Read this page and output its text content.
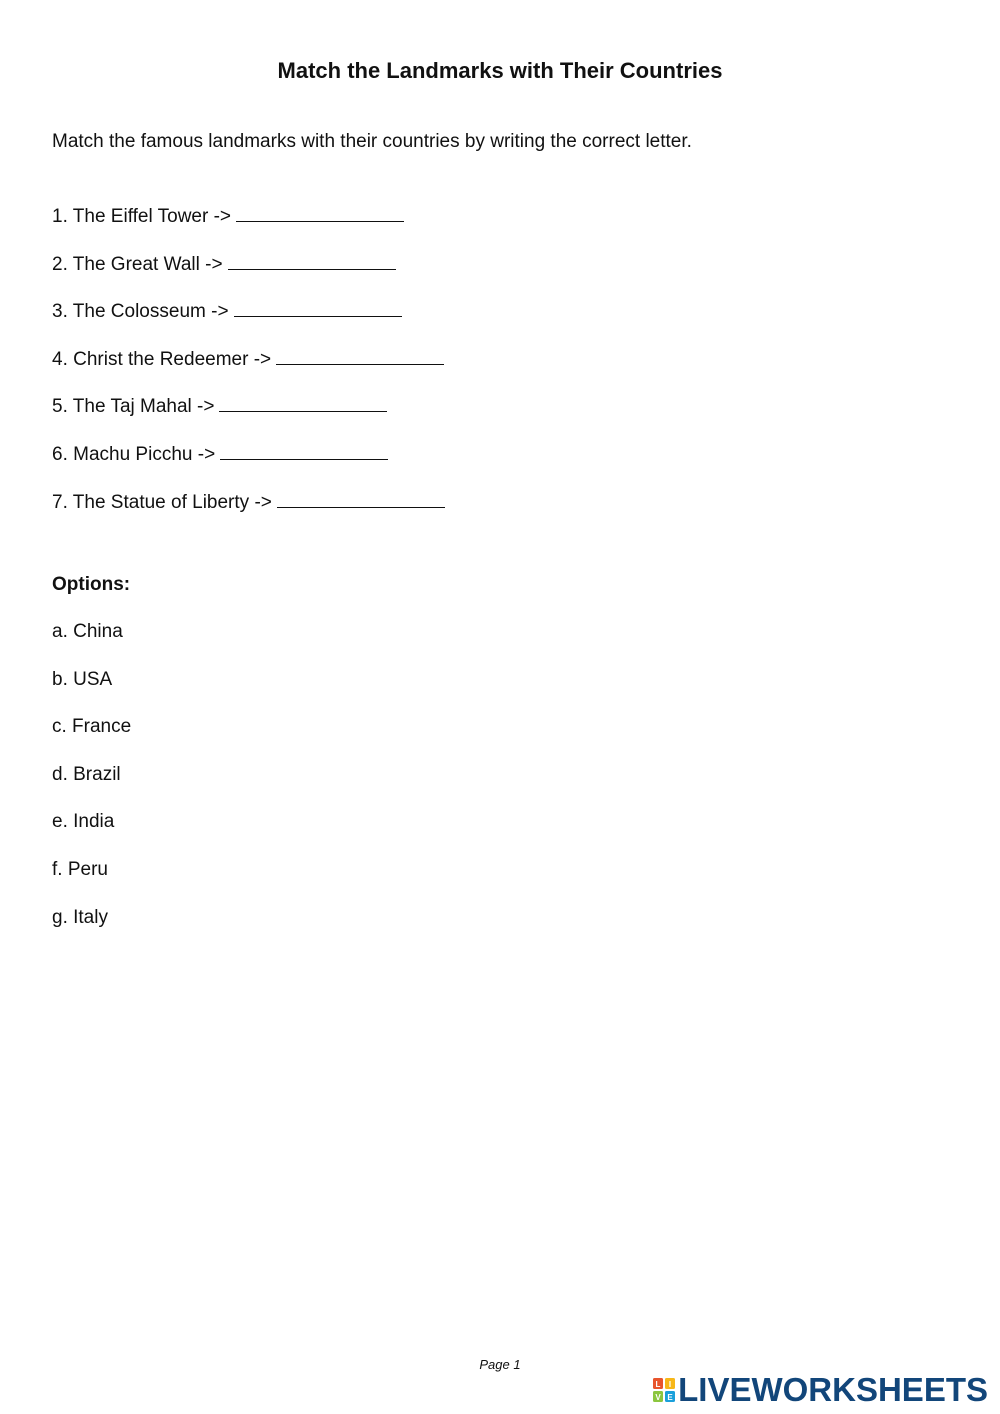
Match the Landmarks with Their Countries
Match the famous landmarks with their countries by writing the correct letter.
1. The Eiffel Tower ->
2. The Great Wall ->
3. The Colosseum ->
4. Christ the Redeemer ->
5. The Taj Mahal ->
6. Machu Picchu ->
7. The Statue of Liberty ->
Options:
a. China
b. USA
c. France
d. Brazil
e. India
f. Peru
g. Italy
Page 1
L I
V E LIVEWORKSHEETS
